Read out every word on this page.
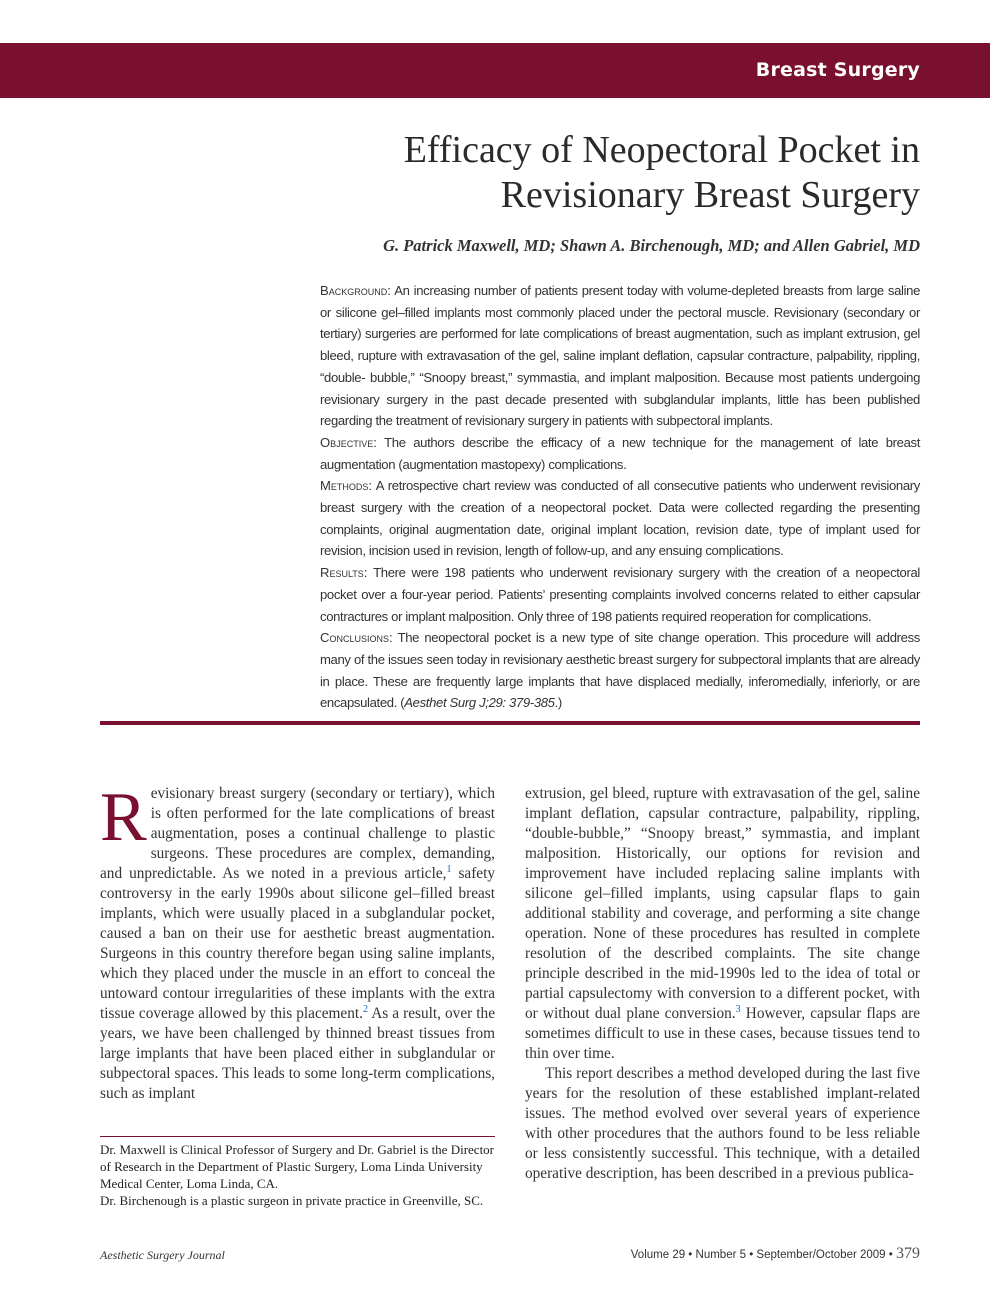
Breast Surgery
Efficacy of Neopectoral Pocket in
Revisionary Breast Surgery
G. Patrick Maxwell, MD; Shawn A. Birchenough, MD; and Allen Gabriel, MD

Background: An increasing number of patients present today with volume-depleted breasts from large saline or silicone gel–filled implants most commonly placed under the pectoral muscle. Revisionary (secondary or tertiary) surgeries are performed for late complications of breast augmentation, such as implant extrusion, gel bleed, rupture with extravasation of the gel, saline implant deflation, capsular contracture, palpability, rippling, “double- bubble,” “Snoopy breast,” symmastia, and implant malposition. Because most patients undergoing revisionary surgery in the past decade presented with subglandular implants, little has been published regarding the treatment of revisionary surgery in patients with subpectoral implants.

Objective: The authors describe the efficacy of a new technique for the management of late breast augmentation (augmentation mastopexy) complications.

Methods: A retrospective chart review was conducted of all consecutive patients who underwent revisionary breast surgery with the creation of a neopectoral pocket. Data were collected regarding the presenting complaints, original augmentation date, original implant location, revision date, type of implant used for revision, incision used in revision, length of follow-up, and any ensuing complications.

Results: There were 198 patients who underwent revisionary surgery with the creation of a neopectoral pocket over a four-year period. Patients’ presenting complaints involved concerns related to either capsular contractures or implant malposition. Only three of 198 patients required reoperation for complications.

Conclusions: The neopectoral pocket is a new type of site change operation. This procedure will address many of the issues seen today in revisionary aesthetic breast surgery for subpectoral implants that are already in place. These are frequently large implants that have displaced medially, inferomedially, inferiorly, or are encapsulated. (Aesthet Surg J;29: 379-385.)

Revisionary breast surgery (secondary or tertiary), which is often performed for the late complications of breast augmentation, poses a continual challenge to plastic surgeons. These procedures are complex, demanding, and unpredictable. As we noted in a previous article,$^1$ safety controversy in the early 1990s about silicone gel–filled breast implants, which were usually placed in a subglandular pocket, caused a ban on their use for aesthetic breast augmentation. Surgeons in this country therefore began using saline implants, which they placed under the muscle in an effort to conceal the untoward contour irregularities of these implants with the extra tissue coverage allowed by this placement.$^2$ As a result, over the years, we have been challenged by thinned breast tissues from large implants that have been placed either in subglandular or subpectoral spaces. This leads to some long-term complications, such as implant

extrusion, gel bleed, rupture with extravasation of the gel, saline implant deflation, capsular contracture, palpability, rippling, “double-bubble,” “Snoopy breast,” symmastia, and implant malposition. Historically, our options for revision and improvement have included replacing saline implants with silicone gel–filled implants, using capsular flaps to gain additional stability and coverage, and performing a site change operation. None of these procedures has resulted in complete resolution of the described complaints. The site change principle described in the mid-1990s led to the idea of total or partial capsulectomy with conversion to a different pocket, with or without dual plane conversion.$^3$ However, capsular flaps are sometimes difficult to use in these cases, because tissues tend to thin over time.

This report describes a method developed during the last five years for the resolution of these established implant-related issues. The method evolved over several years of experience with other procedures that the authors found to be less reliable or less consistently successful. This technique, with a detailed operative description, has been described in a previous publica-

Dr. Maxwell is Clinical Professor of Surgery and Dr. Gabriel is the Director of Research in the Department of Plastic Surgery, Loma Linda University Medical Center, Loma Linda, CA.

Dr. Birchenough is a plastic surgeon in private practice in Greenville, SC.

Aesthetic Surgery Journal	Volume 29 • Number 5 • September/October 2009 • 379
